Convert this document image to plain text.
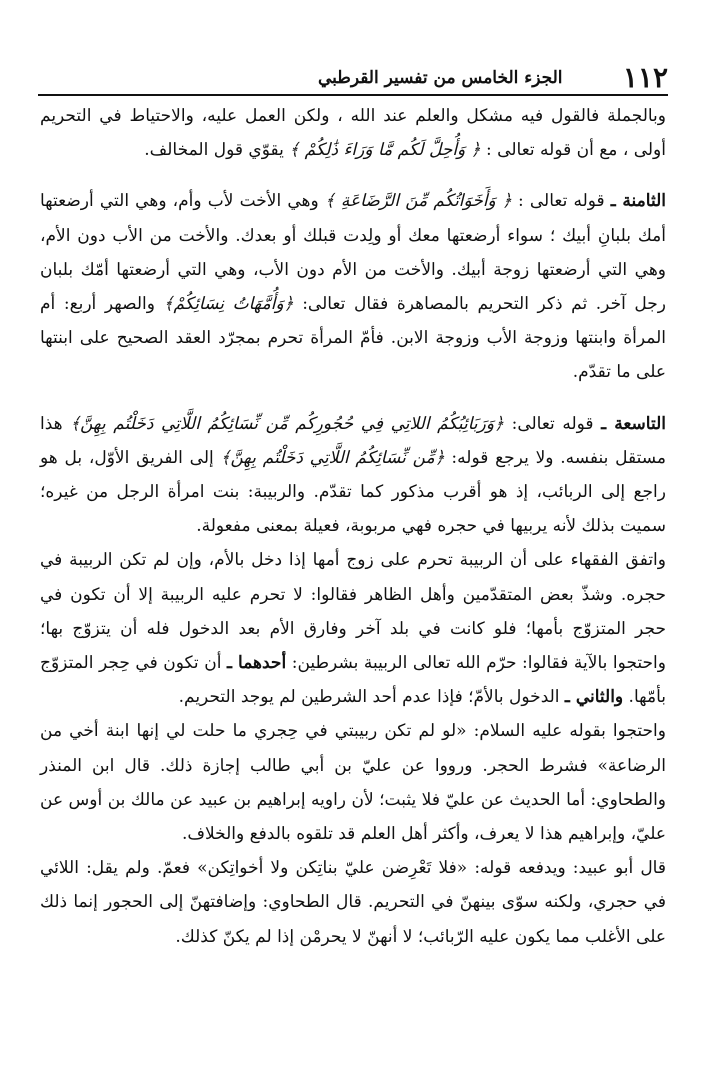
الجزء الخامس من تفسير القرطبي ١١٢

وبالجملة فالقول فيه مشكل والعلم عند الله ، ولكن العمل عليه، والاحتياط في التحريم أولى ، مع أن قوله تعالى : ﴿ وَأُحِلَّ لَكُم مَّا وَرَاءَ ذَٰلِكُمْ ﴾ يقوّي قول المخالف.

الثامنة ـ قوله تعالى : ﴿ وَأَخَوَاتُكُم مِّنَ الرَّضَاعَةِ ﴾ وهي الأخت لأب وأم، وهي التي أرضعتها أمك بلبانِ أبيك ؛ سواء أرضعتها معك أو ولِدت قبلك أو بعدك. والأخت من الأب دون الأم، وهي التي أرضعتها زوجة أبيك. والأخت من الأم دون الأب، وهي التي أرضعتها أمّك بلبان رجل آخر. ثم ذكر التحريم بالمصاهرة فقال تعالى: ﴿وَأُمَّهَاتُ نِسَائِكُمْ﴾ والصهر أربع: أم المرأة وابنتها وزوجة الأب وزوجة الابن. فأمّ المرأة تحرم بمجرّد العقد الصحيح على ابنتها على ما تقدّم.

التاسعة ـ قوله تعالى: ﴿وَرَبَائِبُكُمُ اللاتِي فِي حُجُورِكُم مِّن نِّسَائِكُمُ اللَّاتِي دَخَلْتُم بِهِنَّ﴾ هذا مستقل بنفسه. ولا يرجع قوله: ﴿مِّن نِّسَائِكُمُ اللَّاتِي دَخَلْتُم بِهِنَّ﴾ إلى الفريق الأوّل، بل هو راجع إلى الربائب، إذ هو أقرب مذكور كما تقدّم. والربيبة: بنت امرأة الرجل من غيره؛ سميت بذلك لأنه يربيها في حجره فهي مربوبة، فعيلة بمعنى مفعولة.

واتفق الفقهاء على أن الربيبة تحرم على زوج أمها إذا دخل بالأم، وإن لم تكن الربيبة في حجره. وشذّ بعض المتقدّمين وأهل الظاهر فقالوا: لا تحرم عليه الربيبة إلا أن تكون في حجر المتزوّج بأمها؛ فلو كانت في بلد آخر وفارق الأم بعد الدخول فله أن يتزوّج بها؛ واحتجوا بالآية فقالوا: حرّم الله تعالى الربيبة بشرطين: أحدهما ـ أن تكون في حِجر المتزوّج بأمّها. والثاني ـ الدخول بالأمّ؛ فإذا عدم أحد الشرطين لم يوجد التحريم.

واحتجوا بقوله عليه السلام: «لو لم تكن ربيبتي في حِجري ما حلت لي إنها ابنة أخي من الرضاعة» فشرط الحجر. ورووا عن عليّ بن أبي طالب إجازة ذلك. قال ابن المنذر والطحاوي: أما الحديث عن عليّ فلا يثبت؛ لأن راويه إبراهيم بن عبيد عن مالك بن أوس عن عليّ، وإبراهيم هذا لا يعرف، وأكثر أهل العلم قد تلقوه بالدفع والخلاف.

قال أبو عبيد: ويدفعه قوله: «فلا تَعْرِضن عليّ بناتِكن ولا أخواتِكن» فعمّ. ولم يقل: اللائي في حجري، ولكنه سوّى بينهنّ في التحريم. قال الطحاوي: وإضافتهنّ إلى الحجور إنما ذلك على الأغلب مما يكون عليه الرّبائب؛ لا أنهنّ لا يحرمْن إذا لم يكنّ كذلك.
